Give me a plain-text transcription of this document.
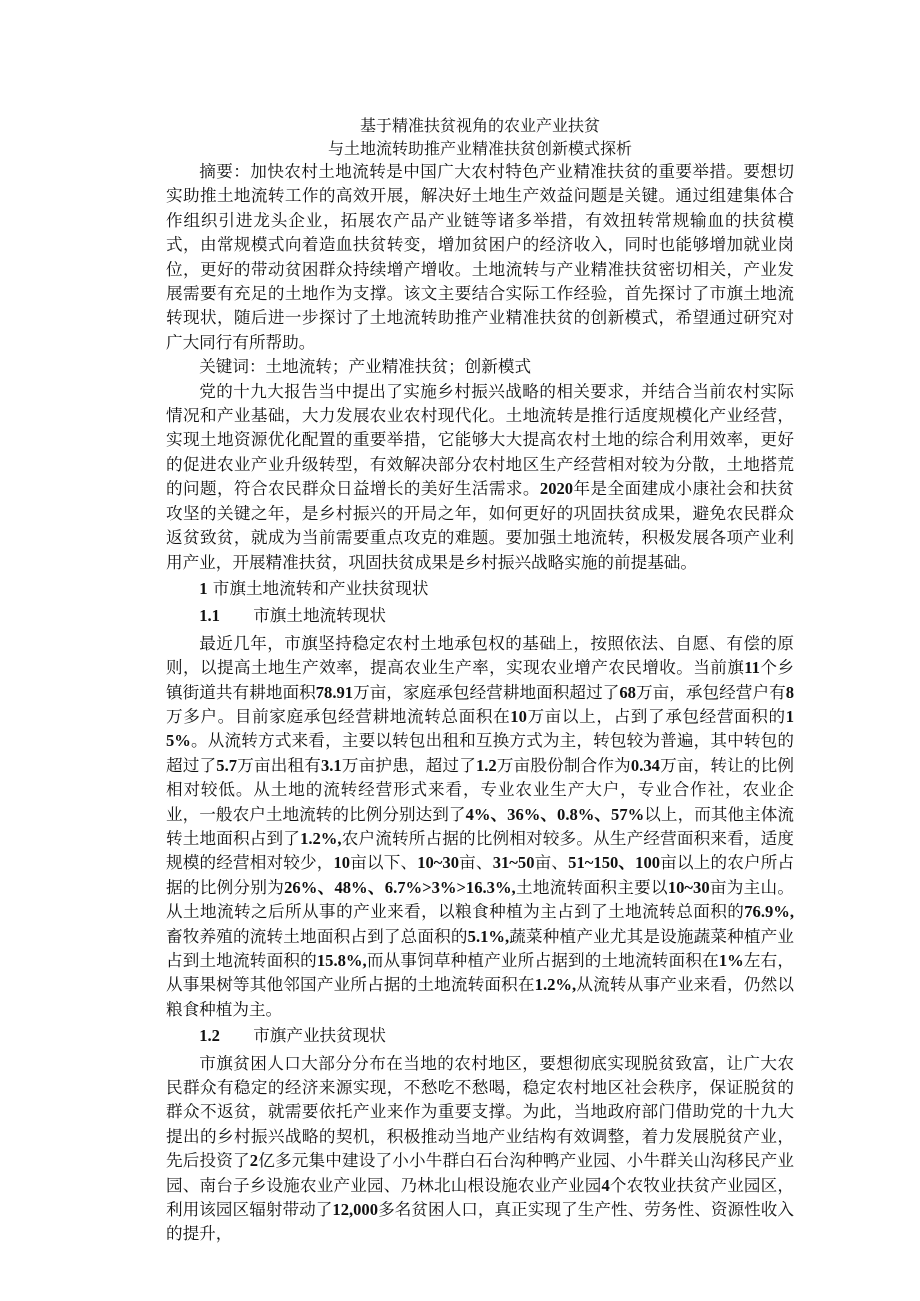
基于精准扶贫视角的农业产业扶贫

与土地流转助推产业精准扶贫创新模式探析

摘要：加快农村土地流转是中国广大农村特色产业精准扶贫的重要举措。要想切实助推土地流转工作的高效开展，解决好土地生产效益问题是关键。通过组建集体合作组织引进龙头企业，拓展农产品产业链等诸多举措，有效扭转常规输血的扶贫模式，由常规模式向着造血扶贫转变，增加贫困户的经济收入，同时也能够增加就业岗位，更好的带动贫困群众持续增产增收。土地流转与产业精准扶贫密切相关，产业发展需要有充足的土地作为支撑。该文主要结合实际工作经验，首先探讨了市旗土地流转现状，随后进一步探讨了土地流转助推产业精准扶贫的创新模式，希望通过研究对广大同行有所帮助。

关键词：土地流转；产业精准扶贫；创新模式

党的十九大报告当中提出了实施乡村振兴战略的相关要求，并结合当前农村实际情况和产业基础，大力发展农业农村现代化。土地流转是推行适度规模化产业经营，实现土地资源优化配置的重要举措，它能够大大提高农村土地的综合利用效率，更好的促进农业产业升级转型，有效解决部分农村地区生产经营相对较为分散，土地搭荒的问题，符合农民群众日益增长的美好生活需求。2020年是全面建成小康社会和扶贫攻坚的关键之年，是乡村振兴的开局之年，如何更好的巩固扶贫成果，避免农民群众返贫致贫，就成为当前需要重点攻克的难题。要加强土地流转，积极发展各项产业利用产业，开展精准扶贫，巩固扶贫成果是乡村振兴战略实施的前提基础。

1 市旗土地流转和产业扶贫现状

1.1 市旗土地流转现状

最近几年，市旗坚持稳定农村土地承包权的基础上，按照依法、自愿、有偿的原则，以提高土地生产效率，提高农业生产率，实现农业增产农民增收。当前旗11个乡镇街道共有耕地面积78.91万亩，家庭承包经营耕地面积超过了68万亩，承包经营户有8万多户。目前家庭承包经营耕地流转总面积在10万亩以上，占到了承包经营面积的15%。从流转方式来看，主要以转包出租和互换方式为主，转包较为普遍，其中转包的超过了5.7万亩出租有3.1万亩护患，超过了1.2万亩股份制合作为0.34万亩，转让的比例相对较低。从土地的流转经营形式来看，专业农业生产大户，专业合作社，农业企业，一般农户土地流转的比例分别达到了4%、36%、0.8%、57%以上，而其他主体流转土地面积占到了1.2%,农户流转所占据的比例相对较多。从生产经营面积来看，适度规模的经营相对较少，10亩以下、10~30亩、31~50亩、51~150、100亩以上的农户所占据的比例分别为26%、48%、6.7%>3%>16.3%,土地流转面积主要以10~30亩为主山。从土地流转之后所从事的产业来看，以粮食种植为主占到了土地流转总面积的76.9%,畜牧养殖的流转土地面积占到了总面积的5.1%,蔬菜种植产业尤其是设施蔬菜种植产业占到土地流转面积的15.8%,而从事饲草种植产业所占据到的土地流转面积在1%左右，从事果树等其他邻国产业所占据的土地流转面积在1.2%,从流转从事产业来看，仍然以粮食种植为主。

1.2 市旗产业扶贫现状

市旗贫困人口大部分分布在当地的农村地区，要想彻底实现脱贫致富，让广大农民群众有稳定的经济来源实现，不愁吃不愁喝，稳定农村地区社会秩序，保证脱贫的群众不返贫，就需要依托产业来作为重要支撑。为此，当地政府部门借助党的十九大提出的乡村振兴战略的契机，积极推动当地产业结构有效调整，着力发展脱贫产业，先后投资了2亿多元集中建设了小小牛群白石台沟种鸭产业园、小牛群关山沟移民产业园、南台子乡设施农业产业园、乃林北山根设施农业产业园4个农牧业扶贫产业园区，利用该园区辐射带动了12,000多名贫困人口，真正实现了生产性、劳务性、资源性收入的提升，
